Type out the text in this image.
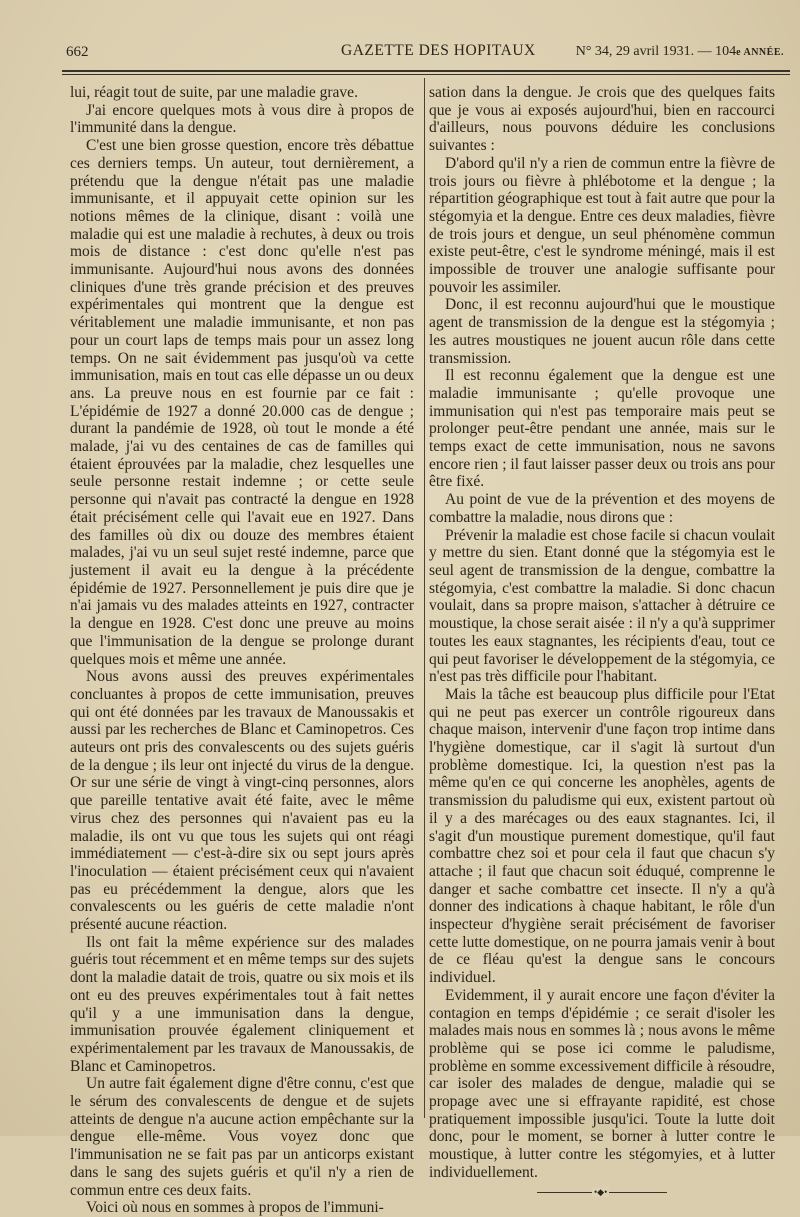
662	GAZETTE DES HOPITAUX	N° 34, 29 avril 1931. — 104e ANNÉE.

lui, réagit tout de suite, par une maladie grave.

J'ai encore quelques mots à vous dire à propos de l'immunité dans la dengue.

C'est une bien grosse question, encore très débattue ces derniers temps. Un auteur, tout dernièrement, a prétendu que la dengue n'était pas une maladie immunisante, et il appuyait cette opinion sur les notions mêmes de la clinique, disant : voilà une maladie qui est une maladie à rechutes, à deux ou trois mois de distance : c'est donc qu'elle n'est pas immunisante. Aujourd'hui nous avons des données cliniques d'une très grande précision et des preuves expérimentales qui montrent que la dengue est véritablement une maladie immunisante, et non pas pour un court laps de temps mais pour un assez long temps. On ne sait évidemment pas jusqu'où va cette immunisation, mais en tout cas elle dépasse un ou deux ans. La preuve nous en est fournie par ce fait : L'épidémie de 1927 a donné 20.000 cas de dengue ; durant la pandémie de 1928, où tout le monde a été malade, j'ai vu des centaines de cas de familles qui étaient éprouvées par la maladie, chez lesquelles une seule personne restait indemne ; or cette seule personne qui n'avait pas contracté la dengue en 1928 était précisément celle qui l'avait eue en 1927. Dans des familles où dix ou douze des membres étaient malades, j'ai vu un seul sujet resté indemne, parce que justement il avait eu la dengue à la précédente épidémie de 1927. Personnellement je puis dire que je n'ai jamais vu des malades atteints en 1927, contracter la dengue en 1928. C'est donc une preuve au moins que l'immunisation de la dengue se prolonge durant quelques mois et même une année.

Nous avons aussi des preuves expérimentales concluantes à propos de cette immunisation, preuves qui ont été données par les travaux de Manoussakis et aussi par les recherches de Blanc et Caminopetros. Ces auteurs ont pris des convalescents ou des sujets guéris de la dengue ; ils leur ont injecté du virus de la dengue. Or sur une série de vingt à vingt-cinq personnes, alors que pareille tentative avait été faite, avec le même virus chez des personnes qui n'avaient pas eu la maladie, ils ont vu que tous les sujets qui ont réagi immédiatement — c'est-à-dire six ou sept jours après l'inoculation — étaient précisément ceux qui n'avaient pas eu précédemment la dengue, alors que les convalescents ou les guéris de cette maladie n'ont présenté aucune réaction.

Ils ont fait la même expérience sur des malades guéris tout récemment et en même temps sur des sujets dont la maladie datait de trois, quatre ou six mois et ils ont eu des preuves expérimentales tout à fait nettes qu'il y a une immunisation dans la dengue, immunisation prouvée également cliniquement et expérimentalement par les travaux de Manoussakis, de Blanc et Caminopetros.

Un autre fait également digne d'être connu, c'est que le sérum des convalescents de dengue et de sujets atteints de dengue n'a aucune action empêchante sur la dengue elle-même. Vous voyez donc que l'immunisation ne se fait pas par un anticorps existant dans le sang des sujets guéris et qu'il n'y a rien de commun entre ces deux faits.

Voici où nous en sommes à propos de l'immuni-

sation dans la dengue. Je crois que des quelques faits que je vous ai exposés aujourd'hui, bien en raccourci d'ailleurs, nous pouvons déduire les conclusions suivantes :

D'abord qu'il n'y a rien de commun entre la fièvre de trois jours ou fièvre à phlébotome et la dengue ; la répartition géographique est tout à fait autre que pour la stégomyia et la dengue. Entre ces deux maladies, fièvre de trois jours et dengue, un seul phénomène commun existe peut-être, c'est le syndrome méningé, mais il est impossible de trouver une analogie suffisante pour pouvoir les assimiler.

Donc, il est reconnu aujourd'hui que le moustique agent de transmission de la dengue est la stégomyia ; les autres moustiques ne jouent aucun rôle dans cette transmission.

Il est reconnu également que la dengue est une maladie immunisante ; qu'elle provoque une immunisation qui n'est pas temporaire mais peut se prolonger peut-être pendant une année, mais sur le temps exact de cette immunisation, nous ne savons encore rien ; il faut laisser passer deux ou trois ans pour être fixé.

Au point de vue de la prévention et des moyens de combattre la maladie, nous dirons que :

Prévenir la maladie est chose facile si chacun voulait y mettre du sien. Etant donné que la stégomyia est le seul agent de transmission de la dengue, combattre la stégomyia, c'est combattre la maladie. Si donc chacun voulait, dans sa propre maison, s'attacher à détruire ce moustique, la chose serait aisée : il n'y a qu'à supprimer toutes les eaux stagnantes, les récipients d'eau, tout ce qui peut favoriser le développement de la stégomyia, ce n'est pas très difficile pour l'habitant.

Mais la tâche est beaucoup plus difficile pour l'Etat qui ne peut pas exercer un contrôle rigoureux dans chaque maison, intervenir d'une façon trop intime dans l'hygiène domestique, car il s'agit là surtout d'un problème domestique. Ici, la question n'est pas la même qu'en ce qui concerne les anophèles, agents de transmission du paludisme qui eux, existent partout où il y a des marécages ou des eaux stagnantes. Ici, il s'agit d'un moustique purement domestique, qu'il faut combattre chez soi et pour cela il faut que chacun s'y attache ; il faut que chacun soit éduqué, comprenne le danger et sache combattre cet insecte. Il n'y a qu'à donner des indications à chaque habitant, le rôle d'un inspecteur d'hygiène serait précisément de favoriser cette lutte domestique, on ne pourra jamais venir à bout de ce fléau qu'est la dengue sans le concours individuel.

Evidemment, il y aurait encore une façon d'éviter la contagion en temps d'épidémie ; ce serait d'isoler les malades mais nous en sommes là ; nous avons le même problème qui se pose ici comme le paludisme, problème en somme excessivement difficile à résoudre, car isoler des malades de dengue, maladie qui se propage avec une si effrayante rapidité, est chose pratiquement impossible jusqu'ici. Toute la lutte doit donc, pour le moment, se borner à lutter contre le moustique, à lutter contre les stégomyies, et à lutter individuellement.

•◆•
